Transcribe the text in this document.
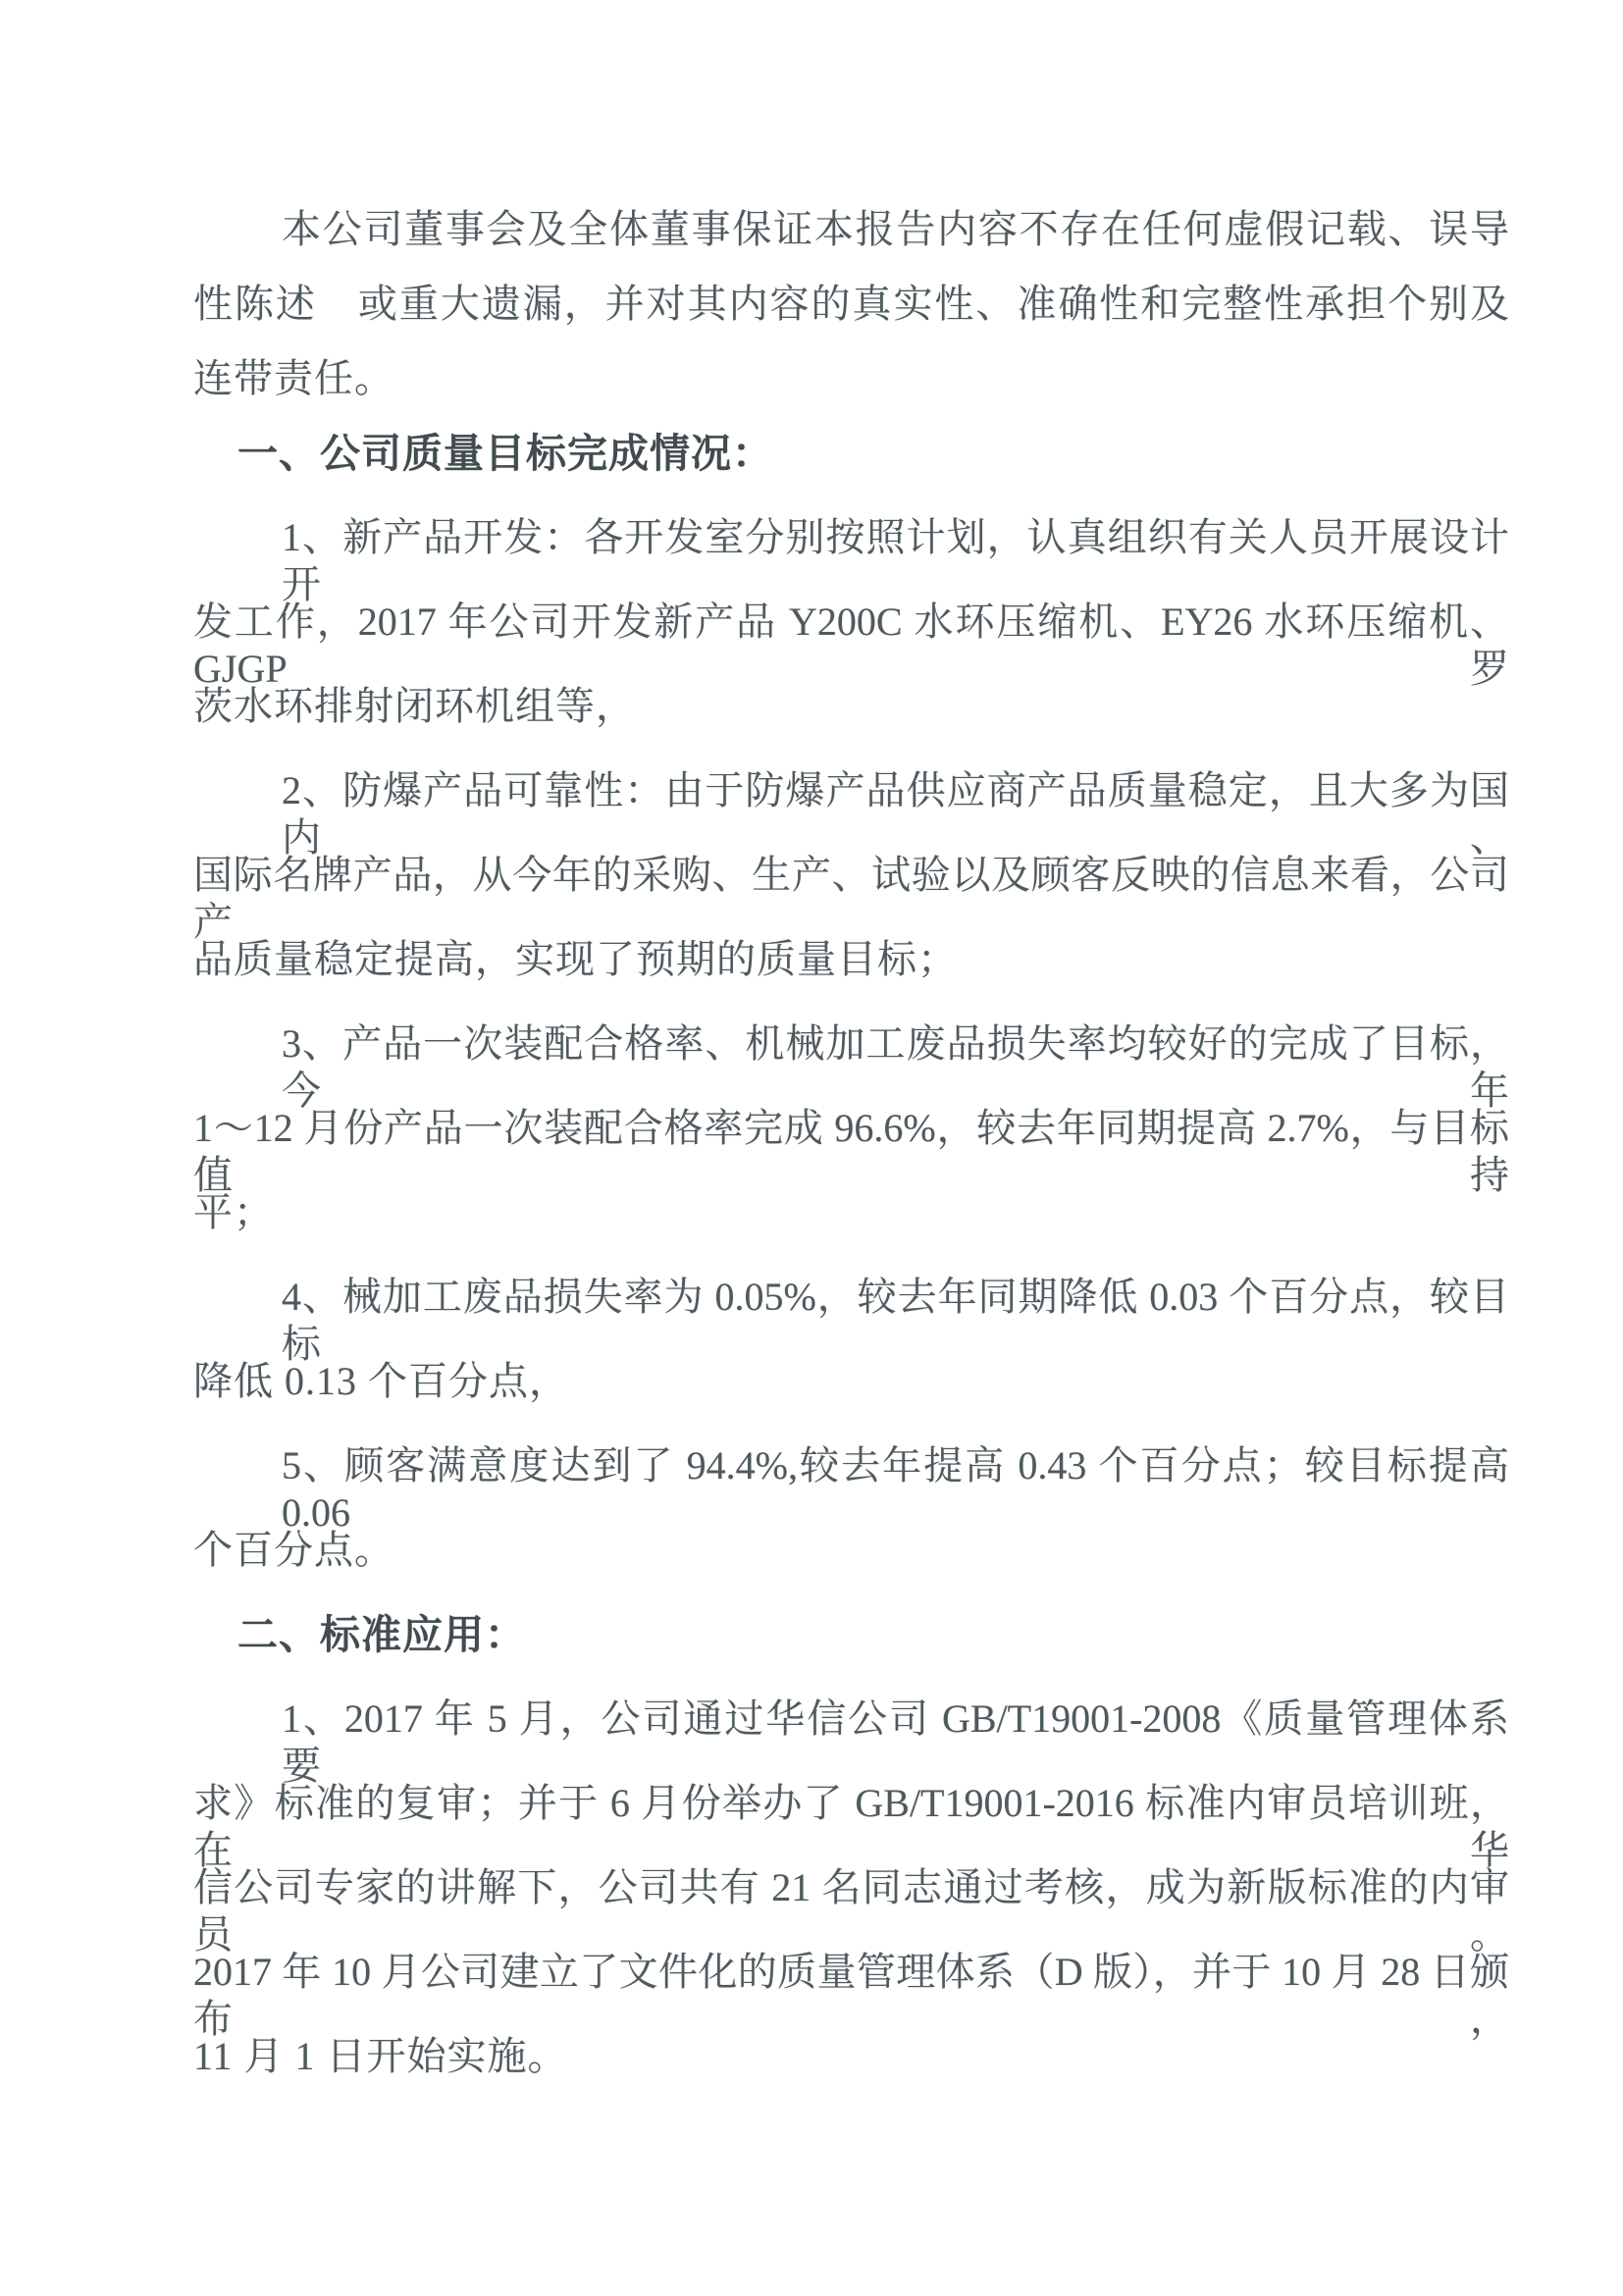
本公司董事会及全体董事保证本报告内容不存在任何虚假记载、误导
性陈述　或重大遗漏，并对其内容的真实性、准确性和完整性承担个别及
连带责任。
一、公司质量目标完成情况：
1、新产品开发：各开发室分别按照计划，认真组织有关人员开展设计开
发工作，2017 年公司开发新产品 Y200C 水环压缩机、EY26 水环压缩机、GJGP 罗
茨水环排射闭环机组等，
2、防爆产品可靠性：由于防爆产品供应商产品质量稳定，且大多为国内、
国际名牌产品，从今年的采购、生产、试验以及顾客反映的信息来看，公司产
品质量稳定提高，实现了预期的质量目标；
3、产品一次装配合格率、机械加工废品损失率均较好的完成了目标，今年
1～12 月份产品一次装配合格率完成 96.6%，较去年同期提高 2.7%，与目标值持
平；
4、械加工废品损失率为 0.05%，较去年同期降低 0.03 个百分点，较目标
降低 0.13 个百分点，
5、顾客满意度达到了 94.4%,较去年提高 0.43 个百分点；较目标提高 0.06
个百分点。
二、标准应用：
1、2017 年 5 月，公司通过华信公司 GB/T19001-2008《质量管理体系　要
求》标准的复审；并于 6 月份举办了 GB/T19001-2016 标准内审员培训班，在华
信公司专家的讲解下，公司共有 21 名同志通过考核，成为新版标准的内审员。
2017 年 10 月公司建立了文件化的质量管理体系（D 版），并于 10 月 28 日颁布，
11 月 1 日开始实施。
